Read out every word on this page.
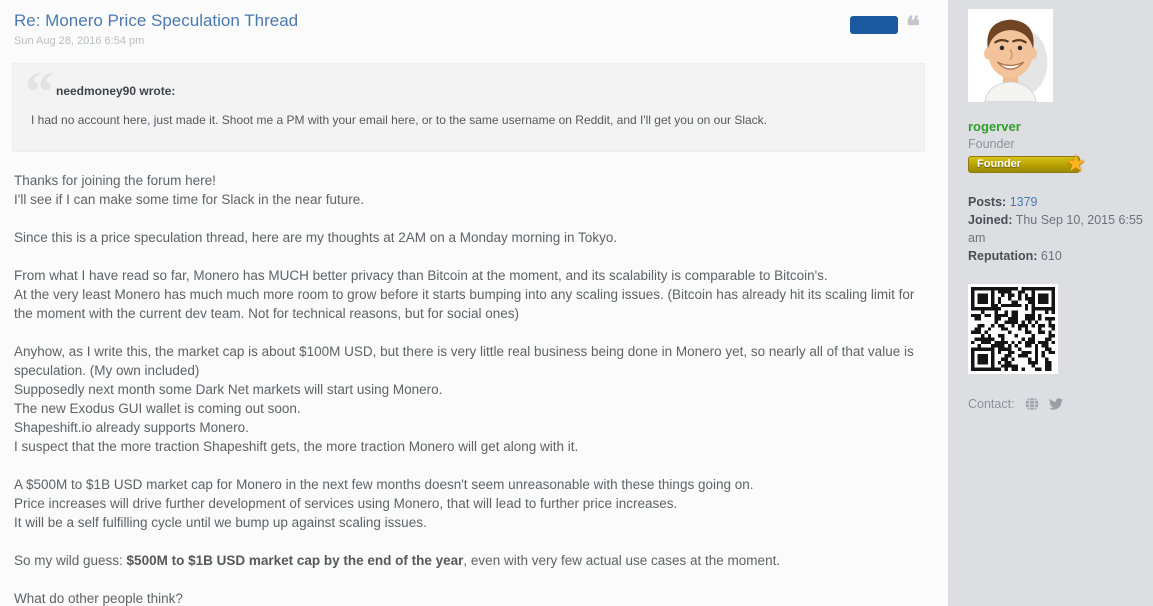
Re: Monero Price Speculation Thread
Sun Aug 28, 2016 6:54 pm	❝
“ needmoney90 wrote:
I had no account here, just made it. Shoot me a PM with your email here, or to the same username on Reddit, and I'll get you on our Slack.

Thanks for joining the forum here!
I'll see if I can make some time for Slack in the near future.

Since this is a price speculation thread, here are my thoughts at 2AM on a Monday morning in Tokyo.

From what I have read so far, Monero has MUCH better privacy than Bitcoin at the moment, and its scalability is comparable to Bitcoin's.
At the very least Monero has much much more room to grow before it starts bumping into any scaling issues. (Bitcoin has already hit its scaling limit for the moment with the current dev team. Not for technical reasons, but for social ones)

Anyhow, as I write this, the market cap is about $100M USD, but there is very little real business being done in Monero yet, so nearly all of that value is speculation. (My own included)
Supposedly next month some Dark Net markets will start using Monero.
The new Exodus GUI wallet is coming out soon.
Shapeshift.io already supports Monero.
I suspect that the more traction Shapeshift gets, the more traction Monero will get along with it.

A $500M to $1B USD market cap for Monero in the next few months doesn't seem unreasonable with these things going on.
Price increases will drive further development of services using Monero, that will lead to further price increases.
It will be a self fulfilling cycle until we bump up against scaling issues.

So my wild guess: $500M to $1B USD market cap by the end of the year, even with very few actual use cases at the moment.

What do other people think?

rogerver
Founder
Founder	★
Posts: 1379
Joined: Thu Sep 10, 2015 6:55 am
Reputation: 610
Contact:
